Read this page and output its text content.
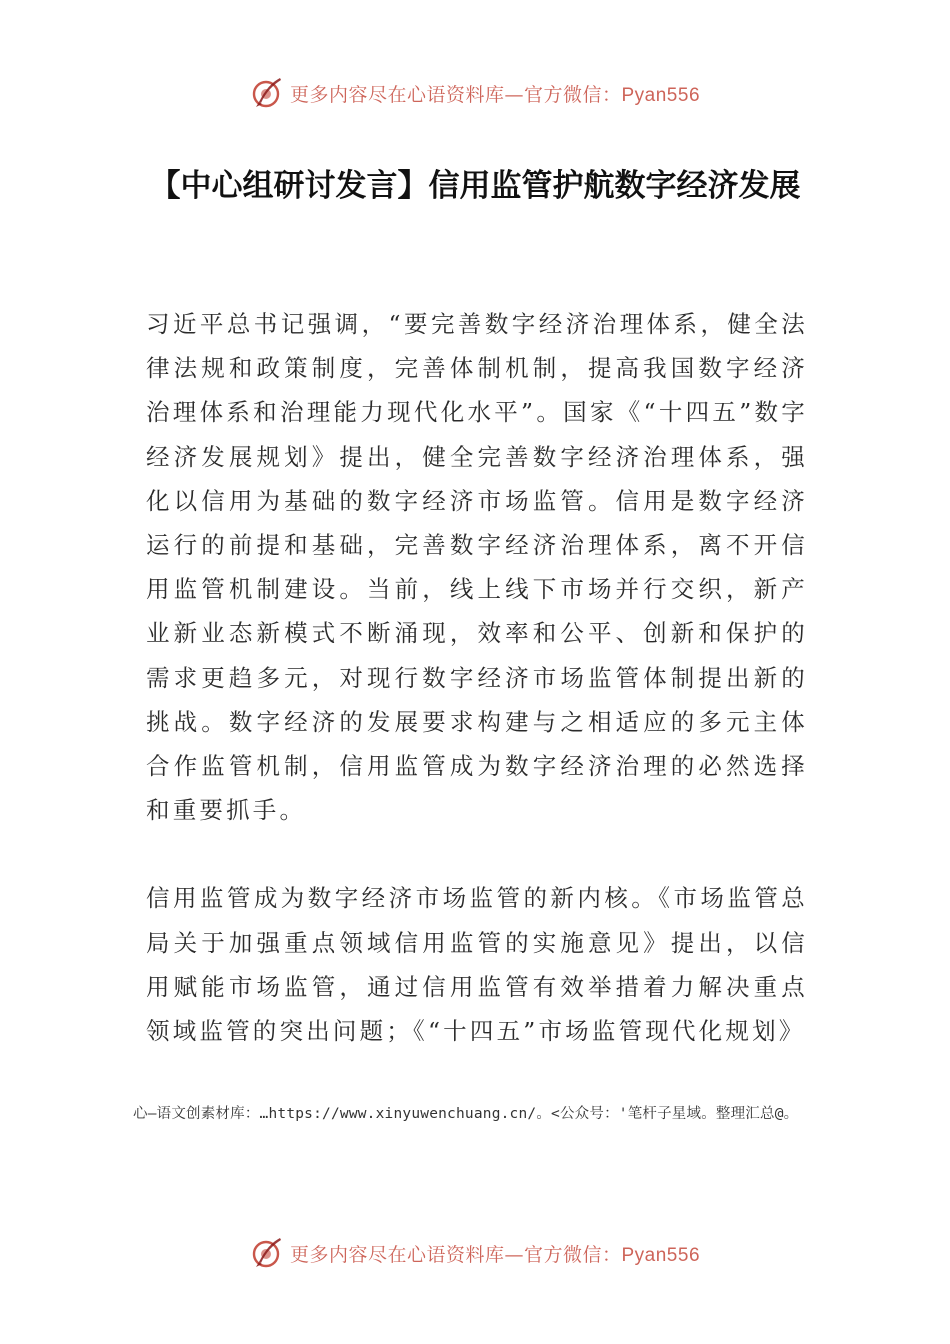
更多内容尽在心语资料库—官方微信：Pyan556
【中心组研讨发言】信用监管护航数字经济发展

习近平总书记强调，“要完善数字经济治理体系，健全法律法规和政策制度，完善体制机制，提高我国数字经济治理体系和治理能力现代化水平”。国家《“十四五”数字经济发展规划》提出，健全完善数字经济治理体系，强化以信用为基础的数字经济市场监管。信用是数字经济运行的前提和基础，完善数字经济治理体系，离不开信用监管机制建设。当前，线上线下市场并行交织，新产业新业态新模式不断涌现，效率和公平、创新和保护的需求更趋多元，对现行数字经济市场监管体制提出新的挑战。数字经济的发展要求构建与之相适应的多元主体合作监管机制，信用监管成为数字经济治理的必然选择和重要抓手。

信用监管成为数字经济市场监管的新内核。《市场监管总局关于加强重点领域信用监管的实施意见》提出，以信用赋能市场监管，通过信用监管有效举措着力解决重点领域监管的突出问题；《“十四五”市场监管现代化规划》

心—语文创素材库：…https://www.xinyuwenchuang.cn/。<公众号：'笔杆子星域。整理汇总@。

更多内容尽在心语资料库—官方微信：Pyan556
